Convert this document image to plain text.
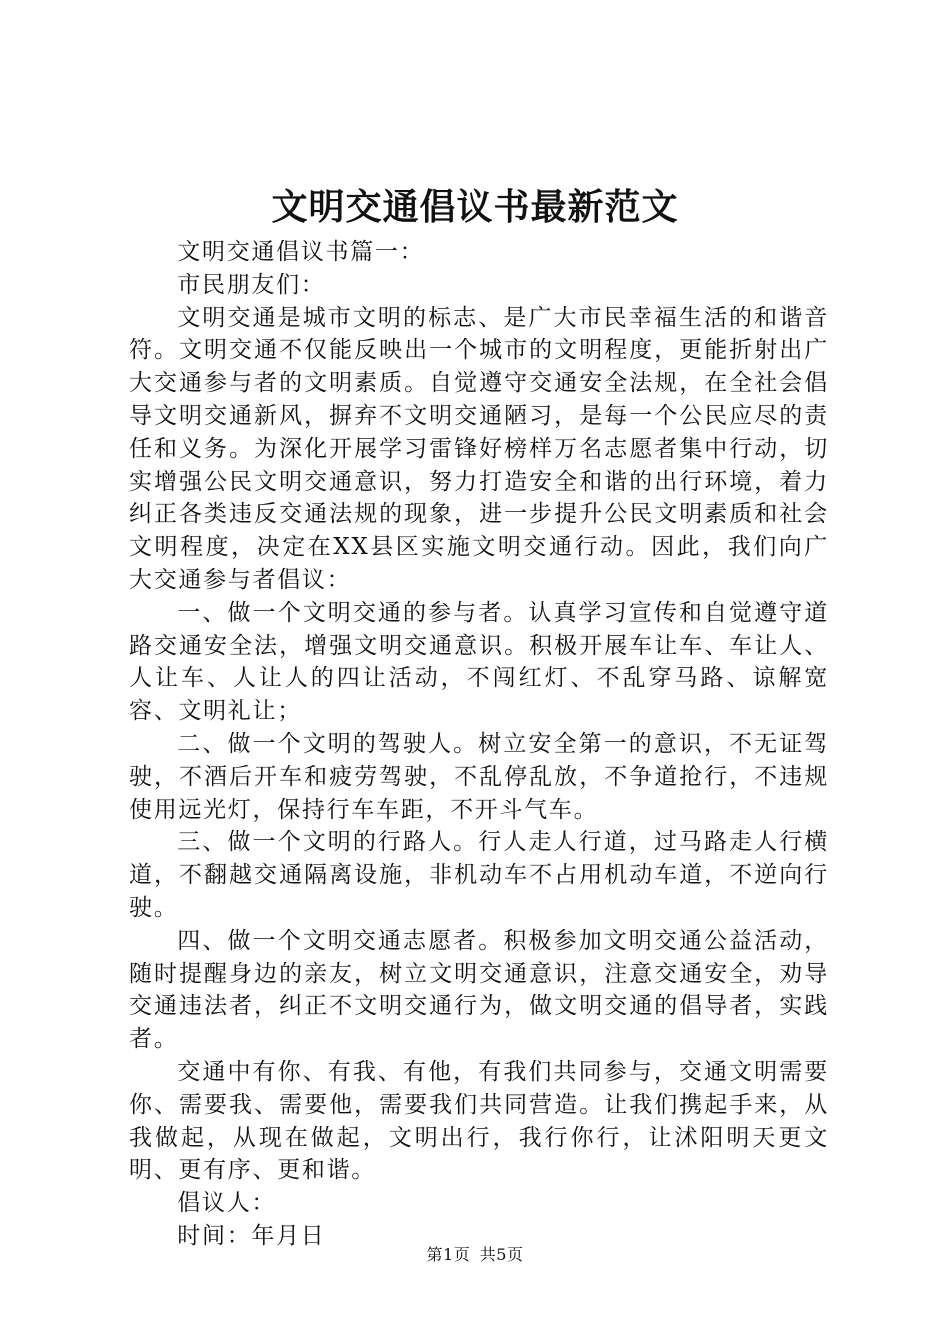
文明交通倡议书最新范文

文明交通倡议书篇一：

市民朋友们：

文明交通是城市文明的标志、是广大市民幸福生活的和谐音符。文明交通不仅能反映出一个城市的文明程度，更能折射出广大交通参与者的文明素质。自觉遵守交通安全法规，在全社会倡导文明交通新风，摒弃不文明交通陋习，是每一个公民应尽的责任和义务。为深化开展学习雷锋好榜样万名志愿者集中行动，切实增强公民文明交通意识，努力打造安全和谐的出行环境，着力纠正各类违反交通法规的现象，进一步提升公民文明素质和社会文明程度，决定在XX县区实施文明交通行动。因此，我们向广大交通参与者倡议：

一、做一个文明交通的参与者。认真学习宣传和自觉遵守道路交通安全法，增强文明交通意识。积极开展车让车、车让人、人让车、人让人的四让活动，不闯红灯、不乱穿马路、谅解宽容、文明礼让；

二、做一个文明的驾驶人。树立安全第一的意识，不无证驾驶，不酒后开车和疲劳驾驶，不乱停乱放，不争道抢行，不违规使用远光灯，保持行车车距，不开斗气车。

三、做一个文明的行路人。行人走人行道，过马路走人行横道，不翻越交通隔离设施，非机动车不占用机动车道，不逆向行驶。

四、做一个文明交通志愿者。积极参加文明交通公益活动，随时提醒身边的亲友，树立文明交通意识，注意交通安全，劝导交通违法者，纠正不文明交通行为，做文明交通的倡导者，实践者。

交通中有你、有我、有他，有我们共同参与，交通文明需要你、需要我、需要他，需要我们共同营造。让我们携起手来，从我做起，从现在做起，文明出行，我行你行，让沭阳明天更文明、更有序、更和谐。

倡议人：

时间：年月日

第1页 共5页
